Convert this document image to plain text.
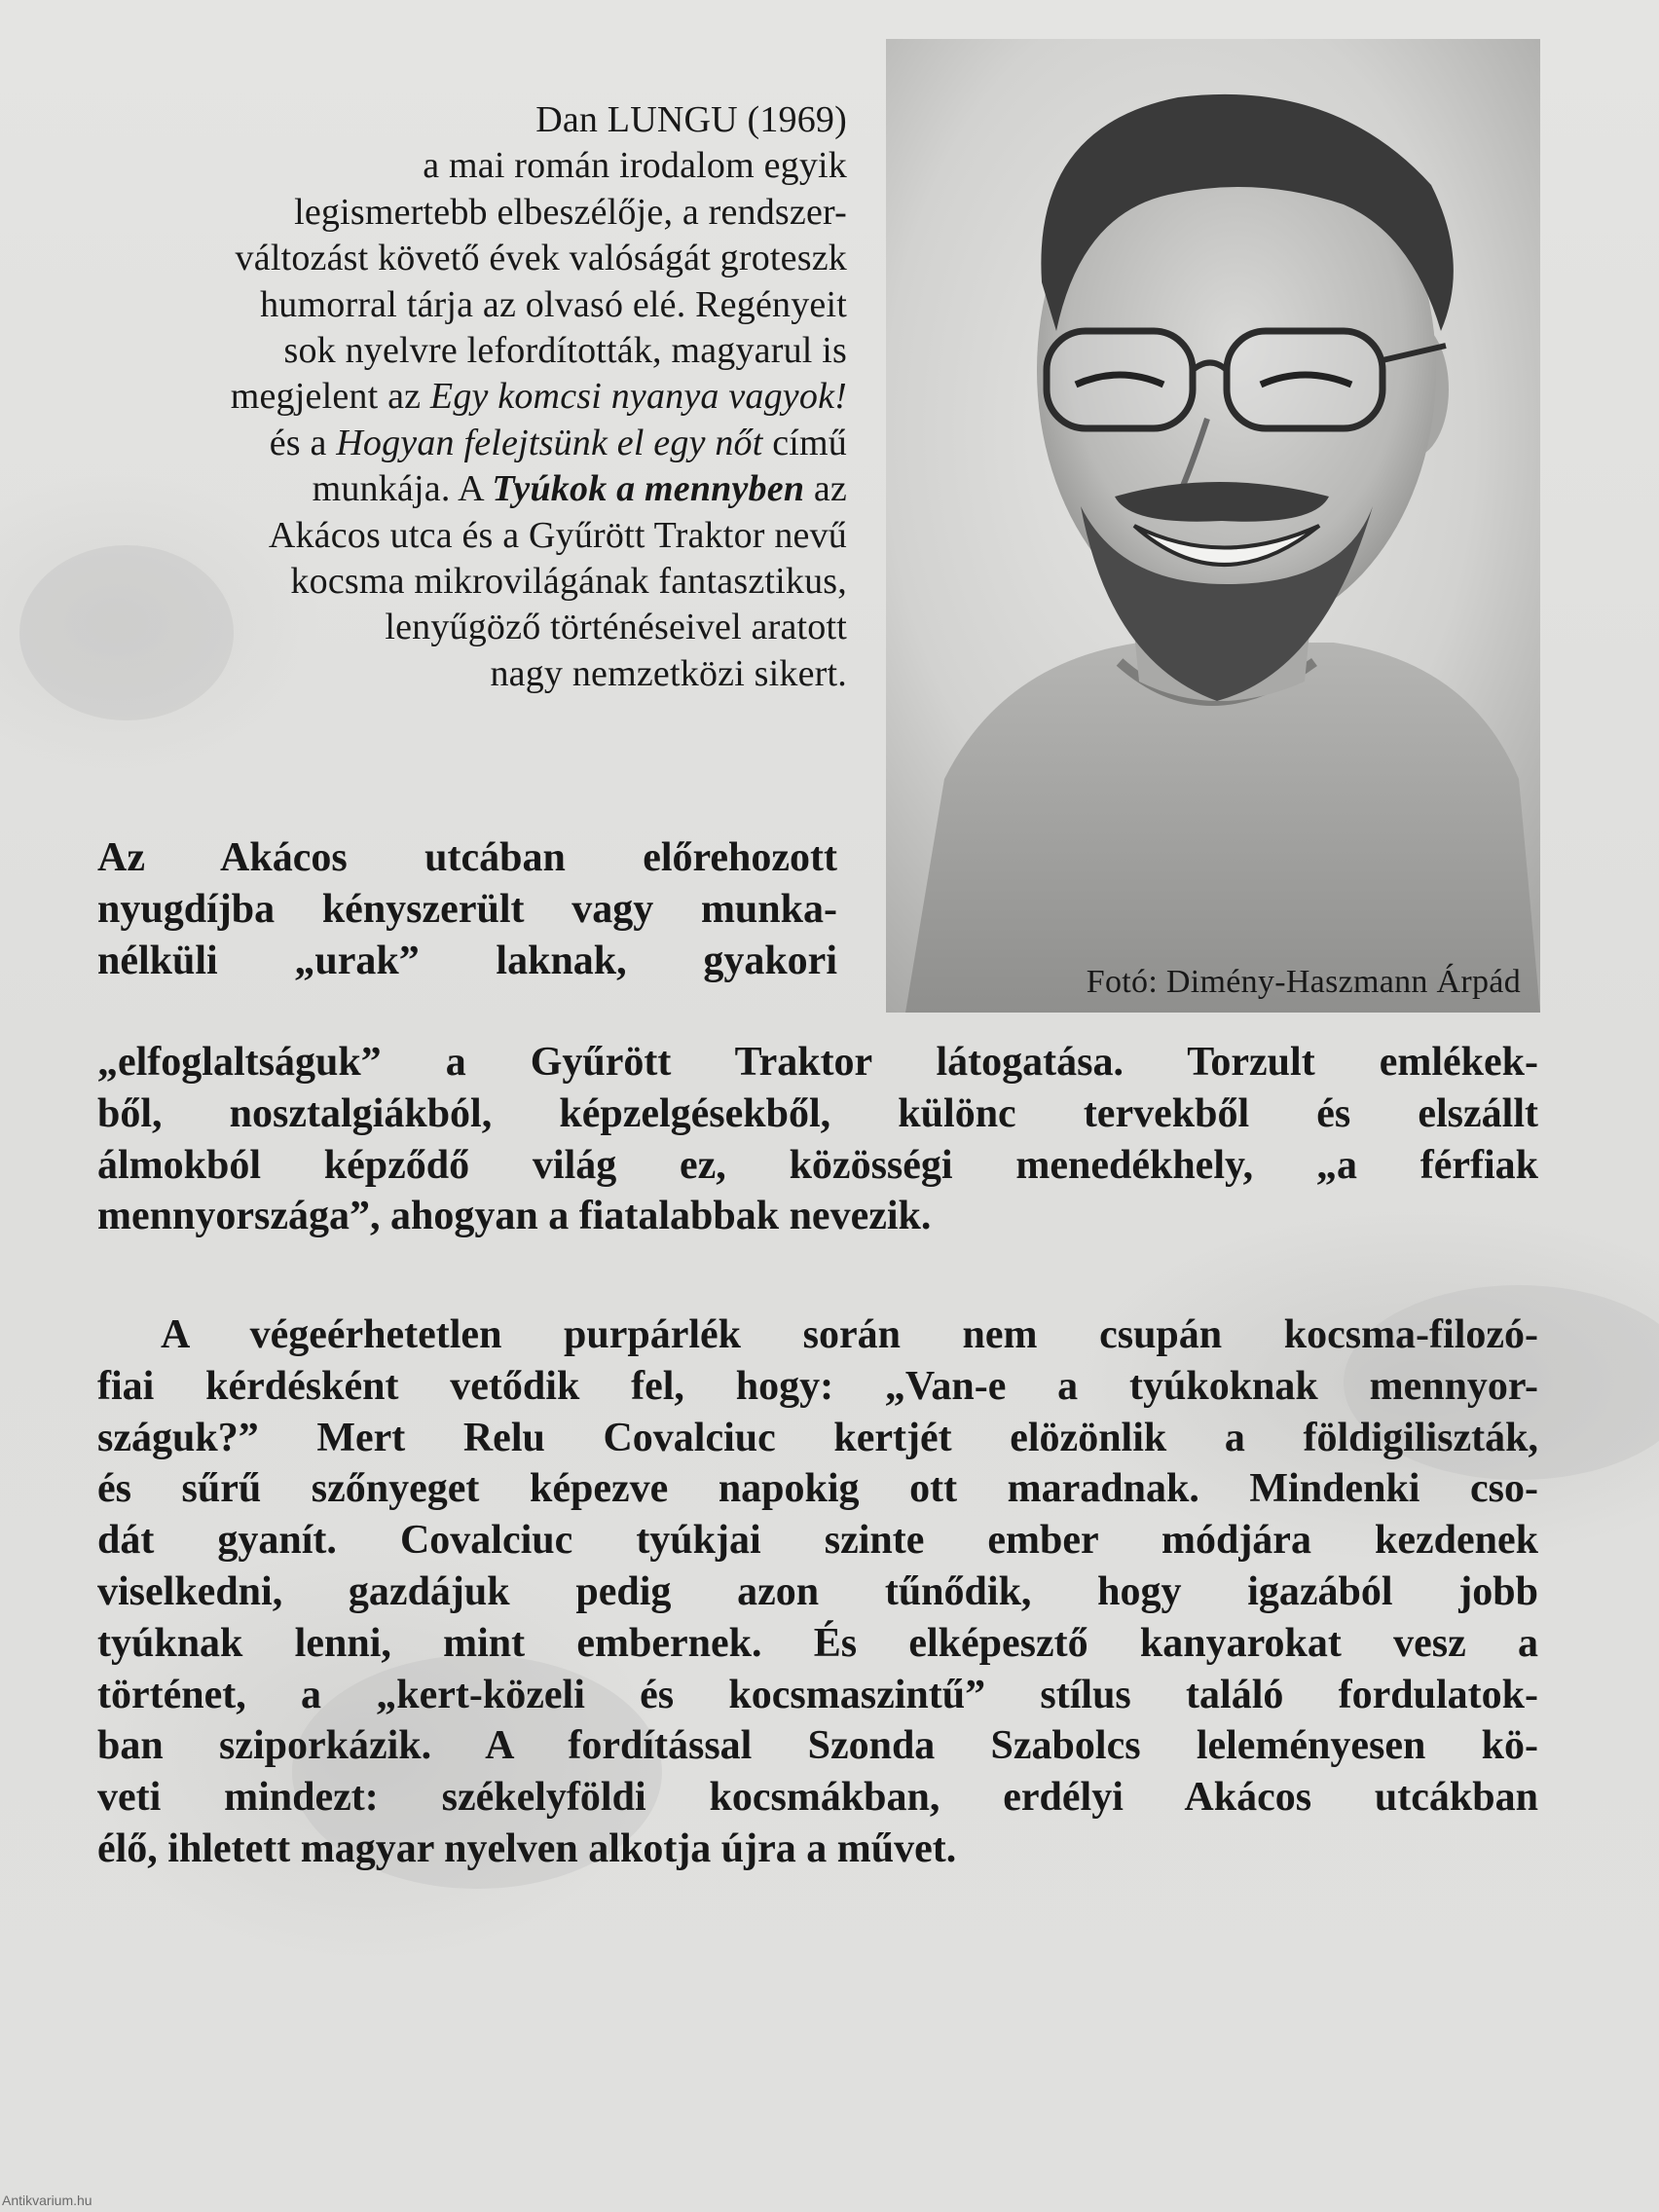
Dan LUNGU (1969)

a mai román irodalom egyik

legismertebb elbeszélője, a rendszer-

változást követő évek valóságát groteszk

humorral tárja az olvasó elé. Regényeit

sok nyelvre lefordították, magyarul is

megjelent az Egy komcsi nyanya vagyok!

és a Hogyan felejtsünk el egy nőt című

munkája. A Tyúkok a mennyben az

Akácos utca és a Gyűrött Traktor nevű

kocsma mikrovilágának fantasztikus,

lenyűgöző történéseivel aratott

nagy nemzetközi sikert.

Fotó: Dimény-Haszmann Árpád
Az Akácos utcában előrehozott
nyugdíjba kényszerült vagy munka-
nélküli „urak” laknak, gyakori
„elfoglaltságuk” a Gyűrött Traktor látogatása. Torzult emlékek-
ből, nosztalgiákból, képzelgésekből, különc tervekből és elszállt
álmokból képződő világ ez, közösségi menedékhely, „a férfiak
mennyországa”, ahogyan a fiatalabbak nevezik.
A végeérhetetlen purpárlék során nem csupán kocsma-filozó-
fiai kérdésként vetődik fel, hogy: „Van-e a tyúkoknak mennyor-
száguk?” Mert Relu Covalciuc kertjét elözönlik a földigiliszták,
és sűrű szőnyeget képezve napokig ott maradnak. Mindenki cso-
dát gyanít. Covalciuc tyúkjai szinte ember módjára kezdenek
viselkedni, gazdájuk pedig azon tűnődik, hogy igazából jobb
tyúknak lenni, mint embernek. És elképesztő kanyarokat vesz a
történet, a „kert-közeli és kocsmaszintű” stílus találó fordulatok-
ban sziporkázik. A fordítással Szonda Szabolcs leleményesen kö-
veti mindezt: székelyföldi kocsmákban, erdélyi Akácos utcákban
élő, ihletett magyar nyelven alkotja újra a művet.
Antikvarium.hu
